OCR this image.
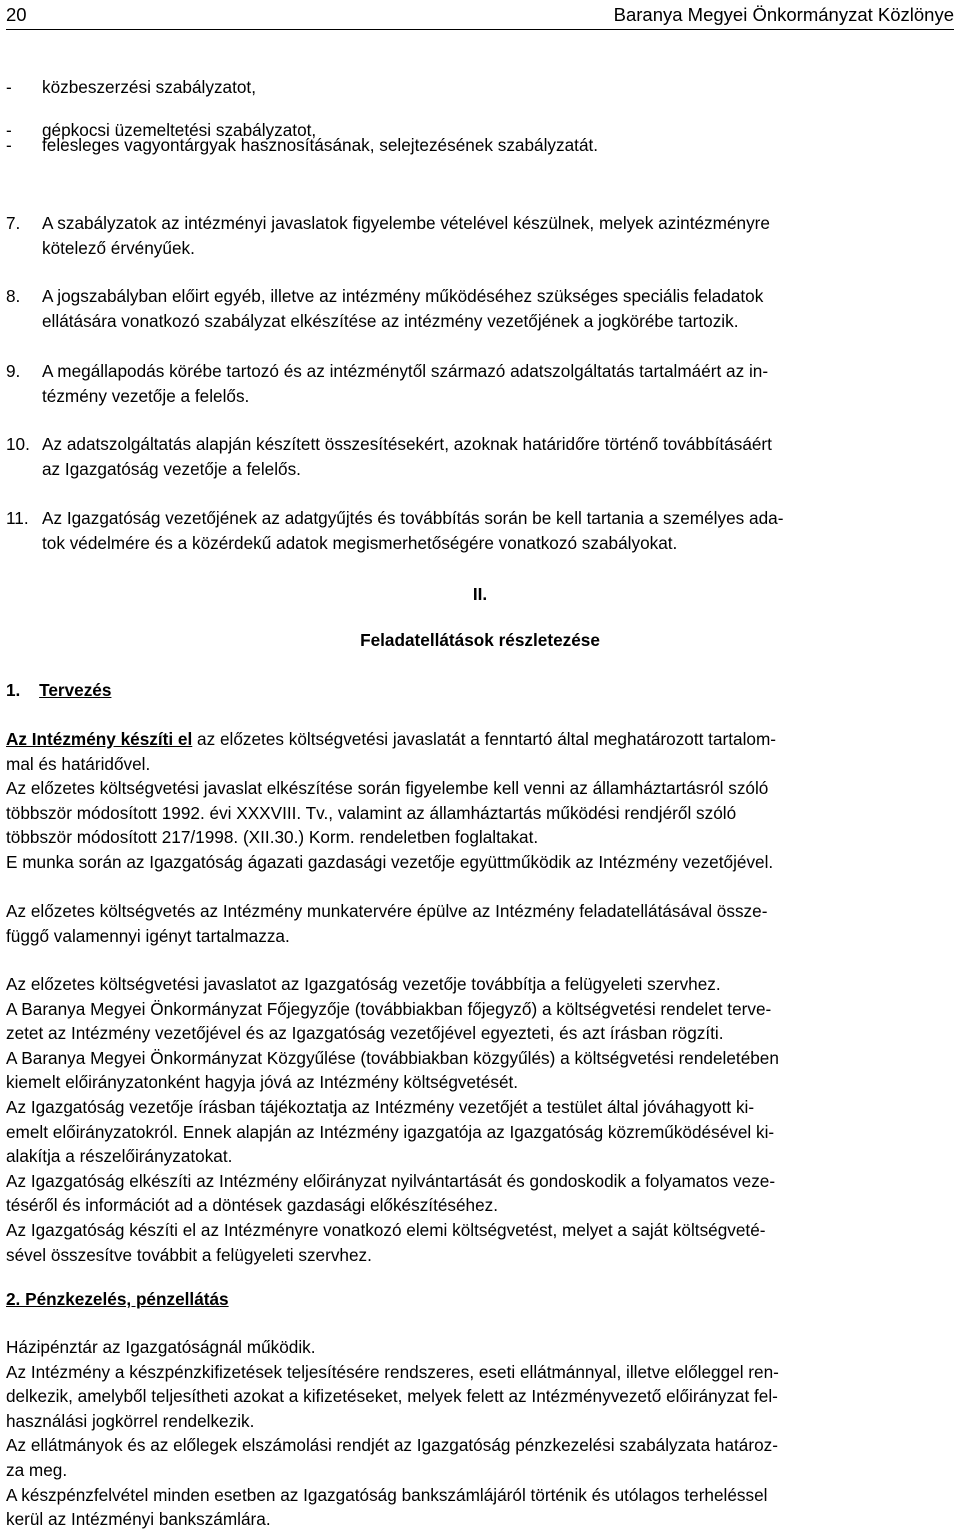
20	Baranya Megyei Önkormányzat Közlönye
- közbeszerzési szabályzatot,
- gépkocsi üzemeltetési szabályzatot,
- felesleges vagyontárgyak hasznosításának, selejtezésének szabályzatát.
7. A szabályzatok az intézményi javaslatok figyelembe vételével készülnek, melyek azintézményre
kötelező érvényűek.
8. A jogszabályban előirt egyéb, illetve az intézmény működéséhez szükséges speciális feladatok
ellátására vonatkozó szabályzat elkészítése az intézmény vezetőjének a jogkörébe tartozik.
9. A megállapodás körébe tartozó és az intézménytől származó adatszolgáltatás tartalmáért az in-
tézmény vezetője a felelős.
10. Az adatszolgáltatás alapján készített összesítésekért, azoknak határidőre történő továbbításáért
az Igazgatóság vezetője a felelős.
11. Az Igazgatóság vezetőjének az adatgyűjtés és továbbítás során be kell tartania a személyes ada-
tok védelmére és a közérdekű adatok megismerhetőségére vonatkozó szabályokat.
II.
Feladatellátások részletezése
1. Tervezés
Az Intézmény készíti el az előzetes költségvetési javaslatát a fenntartó által meghatározott tartalom-
mal és határidővel.
Az előzetes költségvetési javaslat elkészítése során figyelembe kell venni az államháztartásról szóló
többször módosított 1992. évi XXXVIII. Tv., valamint az államháztartás működési rendjéről szóló
többször módosított 217/1998. (XII.30.) Korm. rendeletben foglaltakat.
E munka során az Igazgatóság ágazati gazdasági vezetője együttműködik az Intézmény vezetőjével.
Az előzetes költségvetés az Intézmény munkatervére épülve az Intézmény feladatellátásával össze-
függő valamennyi igényt tartalmazza.
Az előzetes költségvetési javaslatot az Igazgatóság vezetője továbbítja a felügyeleti szervhez.
A Baranya Megyei Önkormányzat Főjegyzője (továbbiakban főjegyző) a költségvetési rendelet terve-
zetet az Intézmény vezetőjével és az Igazgatóság vezetőjével egyezteti, és azt írásban rögzíti.
A Baranya Megyei Önkormányzat Közgyűlése (továbbiakban közgyűlés) a költségvetési rendeletében
kiemelt előirányzatonként hagyja jóvá az Intézmény költségvetését.
Az Igazgatóság vezetője írásban tájékoztatja az Intézmény vezetőjét a testület által jóváhagyott ki-
emelt előirányzatokról. Ennek alapján az Intézmény igazgatója az Igazgatóság közreműködésével ki-
alakítja a részelőirányzatokat.
Az Igazgatóság elkészíti az Intézmény előirányzat nyilvántartását és gondoskodik a folyamatos veze-
téséről és információt ad a döntések gazdasági előkészítéséhez.
Az Igazgatóság készíti el az Intézményre vonatkozó elemi költségvetést, melyet a saját költségveté-
sével összesítve továbbit a felügyeleti szervhez.
2. Pénzkezelés, pénzellátás
Házipénztár az Igazgatóságnál működik.
Az Intézmény a készpénzkifizetések teljesítésére rendszeres, eseti ellátmánnyal, illetve előleggel ren-
delkezik, amelyből teljesítheti azokat a kifizetéseket, melyek felett az Intézményvezető előirányzat fel-
használási jogkörrel rendelkezik.
Az ellátmányok és az előlegek elszámolási rendjét az Igazgatóság pénzkezelési szabályzata határoz-
za meg.
A készpénzfelvétel minden esetben az Igazgatóság bankszámlájáról történik és utólagos terheléssel
kerül az Intézményi bankszámlára.
